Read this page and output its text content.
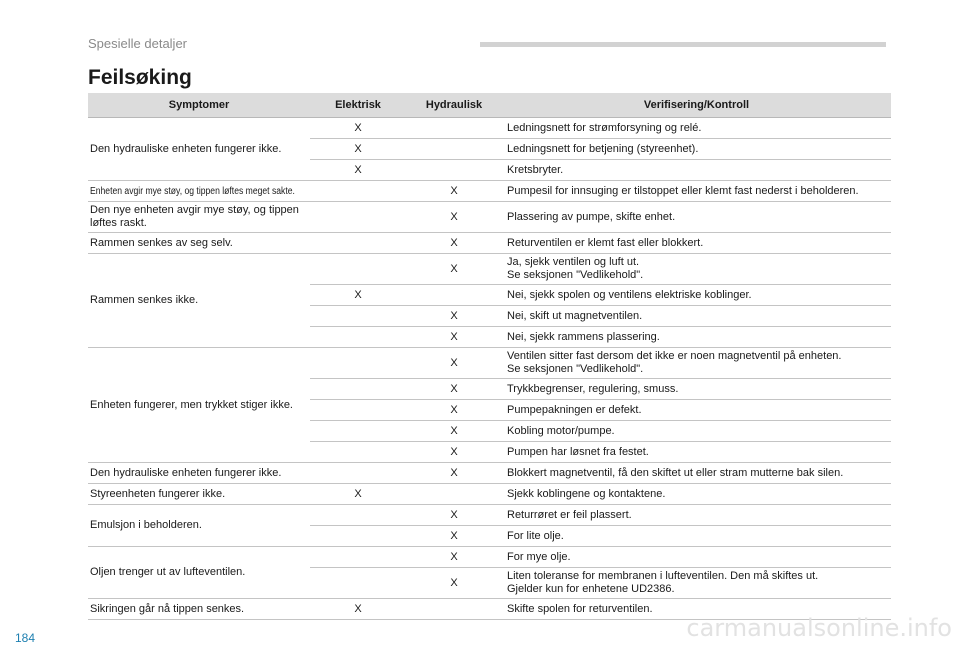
Spesielle detaljer
Feilsøking
Symptomer	Elektrisk	Hydraulisk	Verifisering/Kontroll
Den hydrauliske enheten fungerer ikke.	X		Ledningsnett for strømforsyning og relé.

	X		Ledningsnett for betjening (styreenhet).

	X		Kretsbryter.

Enheten avgir mye støy, og tippen løftes meget sakte.		X	Pumpesil for innsuging er tilstoppet eller klemt fast nederst i beholderen.

Den nye enheten avgir mye støy, og tippen løftes raskt.		X	Plassering av pumpe, skifte enhet.

Rammen senkes av seg selv.		X	Returventilen er klemt fast eller blokkert.

Rammen senkes ikke.		X	Ja, sjekk ventilen og luft ut.
Se seksjonen "Vedlikehold".

	X		Nei, sjekk spolen og ventilens elektriske koblinger.

		X	Nei, skift ut magnetventilen.

		X	Nei, sjekk rammens plassering.

Enheten fungerer, men trykket stiger ikke.		X	Ventilen sitter fast dersom det ikke er noen magnetventil på enheten.
Se seksjonen "Vedlikehold".

		X	Trykkbegrenser, regulering, smuss.

		X	Pumpepakningen er defekt.

		X	Kobling motor/pumpe.

		X	Pumpen har løsnet fra festet.

Den hydrauliske enheten fungerer ikke.		X	Blokkert magnetventil, få den skiftet ut eller stram mutterne bak silen.

Styreenheten fungerer ikke.	X		Sjekk koblingene og kontaktene.

Emulsjon i beholderen.		X	Returrøret er feil plassert.

		X	For lite olje.

Oljen trenger ut av lufteventilen.		X	For mye olje.

		X	Liten toleranse for membranen i lufteventilen. Den må skiftes ut.
Gjelder kun for enhetene UD2386.

Sikringen går nå tippen senkes.	X		Skifte spolen for returventilen.
184	carmanualsonline.info
